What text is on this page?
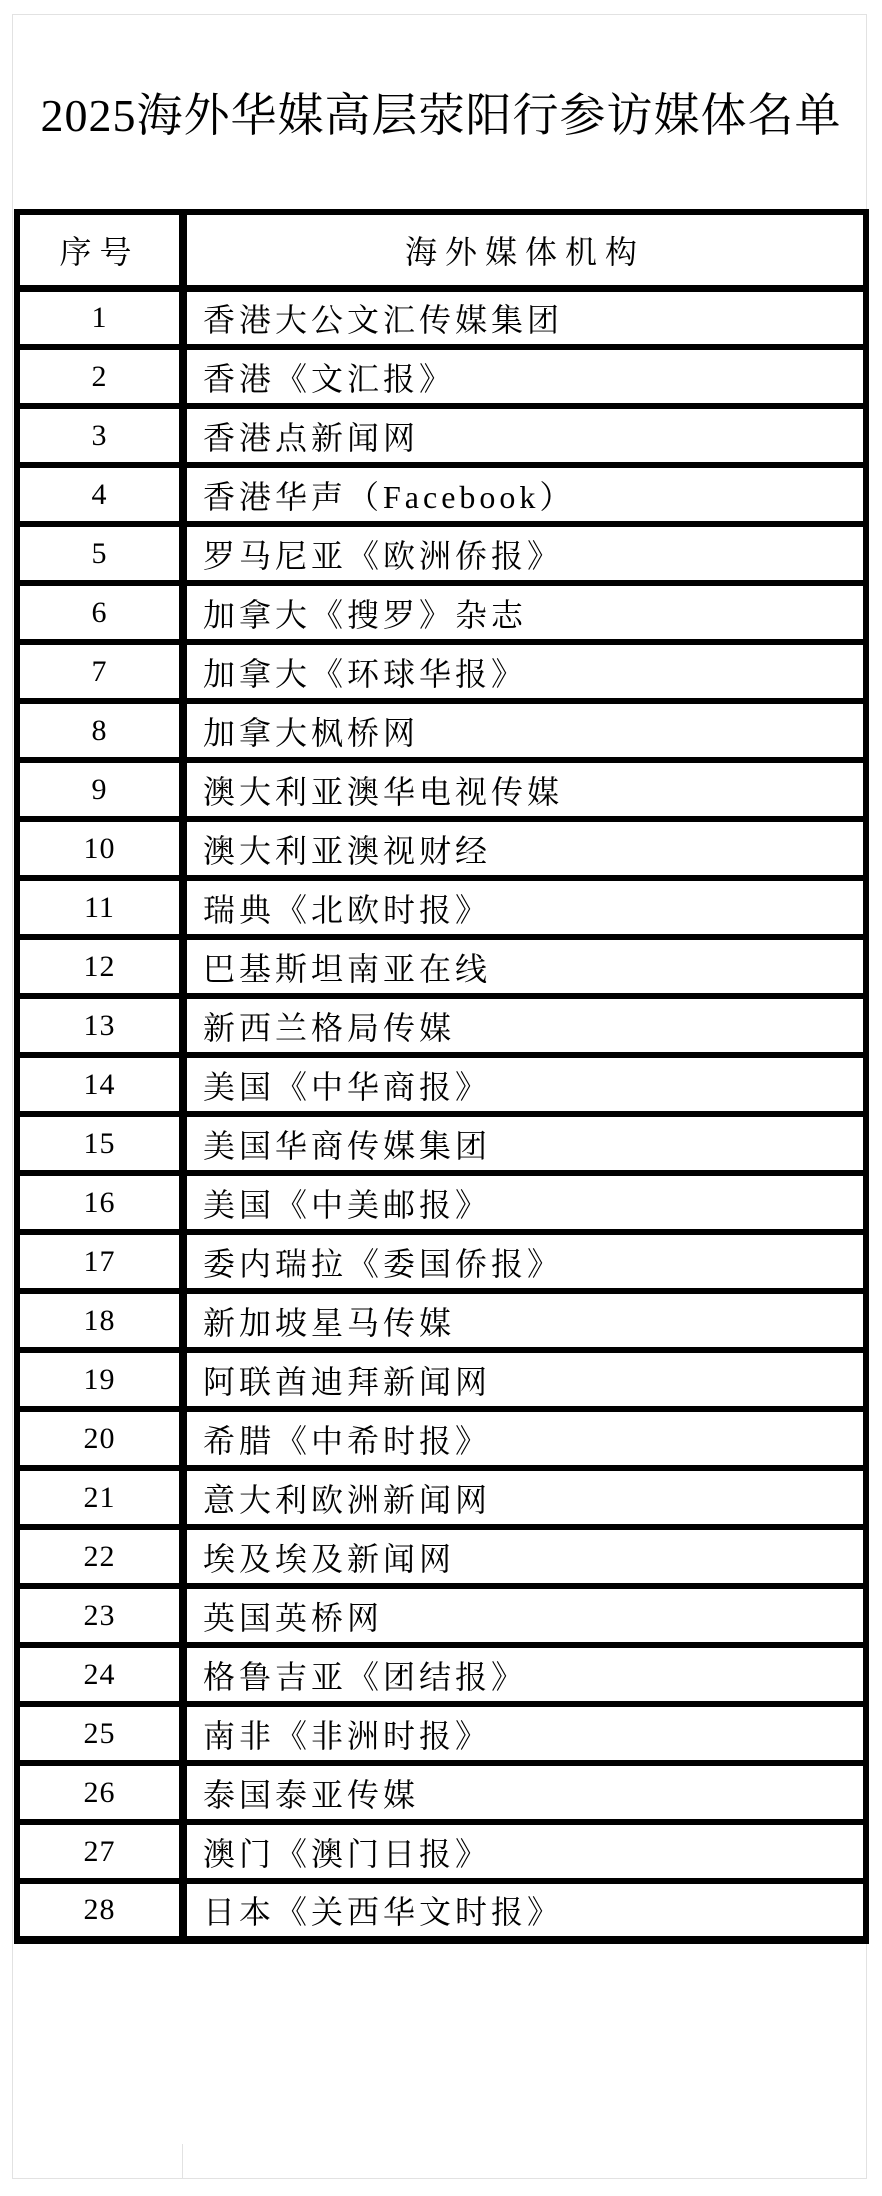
2025海外华媒高层荥阳行参访媒体名单
序号	海外媒体机构
1	香港大公文汇传媒集团
2	香港《文汇报》
3	香港点新闻网
4	香港华声（Facebook）
5	罗马尼亚《欧洲侨报》
6	加拿大《搜罗》杂志
7	加拿大《环球华报》
8	加拿大枫桥网
9	澳大利亚澳华电视传媒
10	澳大利亚澳视财经
11	瑞典《北欧时报》
12	巴基斯坦南亚在线
13	新西兰格局传媒
14	美国《中华商报》
15	美国华商传媒集团
16	美国《中美邮报》
17	委内瑞拉《委国侨报》
18	新加坡星马传媒
19	阿联酋迪拜新闻网
20	希腊《中希时报》
21	意大利欧洲新闻网
22	埃及埃及新闻网
23	英国英桥网
24	格鲁吉亚《团结报》
25	南非《非洲时报》
26	泰国泰亚传媒
27	澳门《澳门日报》
28	日本《关西华文时报》
